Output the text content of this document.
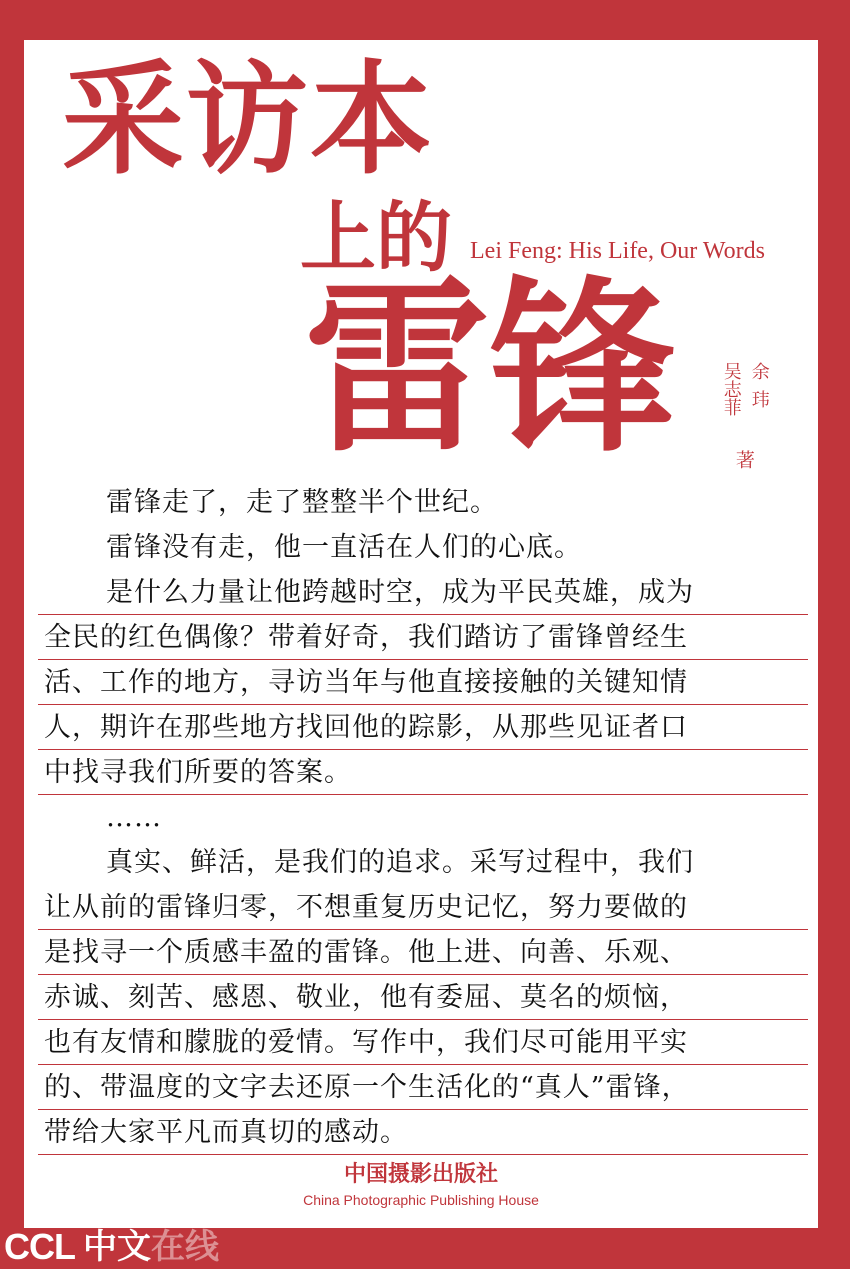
采访本
上的 Lei Feng: His Life, Our Words
雷锋 吴志菲 余玮
著
雷锋走了，走了整整半个世纪。
雷锋没有走，他一直活在人们的心底。
是什么力量让他跨越时空，成为平民英雄，成为
全民的红色偶像？带着好奇，我们踏访了雷锋曾经生
活、工作的地方，寻访当年与他直接接触的关键知情
人，期许在那些地方找回他的踪影，从那些见证者口
中找寻我们所要的答案。
……
真实、鲜活，是我们的追求。采写过程中，我们
让从前的雷锋归零，不想重复历史记忆，努力要做的
是找寻一个质感丰盈的雷锋。他上进、向善、乐观、
赤诚、刻苦、感恩、敬业，他有委屈、莫名的烦恼，
也有友情和朦胧的爱情。写作中，我们尽可能用平实
的、带温度的文字去还原一个生活化的“真人”雷锋，
带给大家平凡而真切的感动。
中国摄影出版社
China Photographic Publishing House
CCL 中文 在线
